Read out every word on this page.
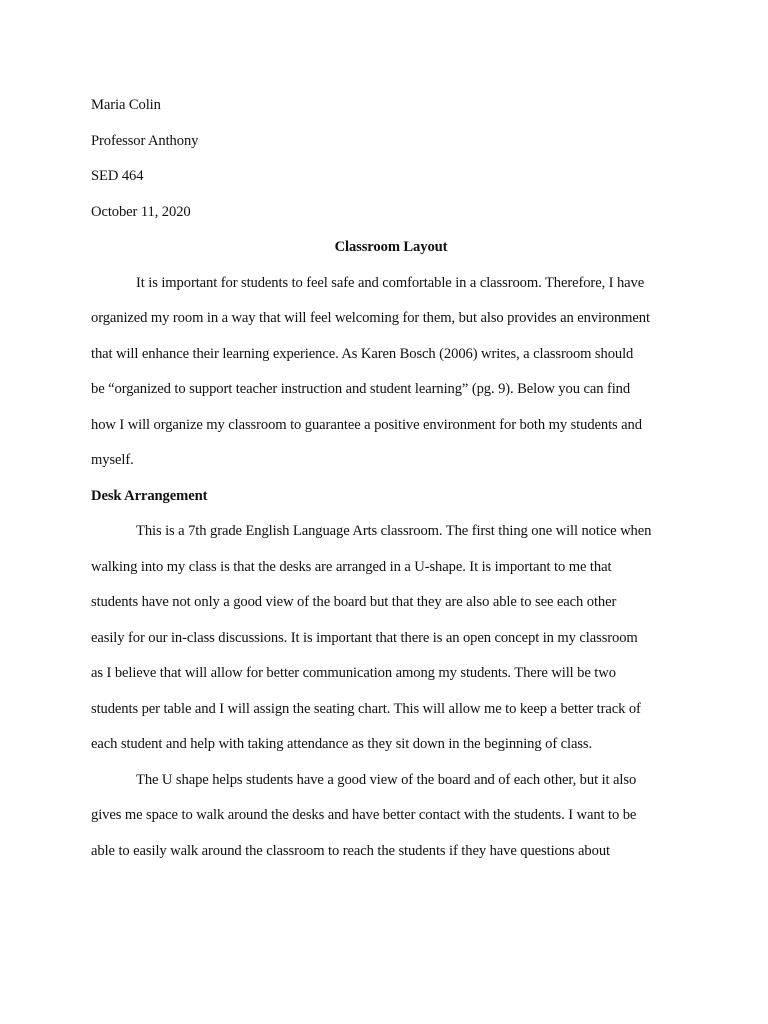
Maria Colin

Professor Anthony

SED 464

October 11, 2020

Classroom Layout

It is important for students to feel safe and comfortable in a classroom. Therefore, I have
organized my room in a way that will feel welcoming for them, but also provides an environment
that will enhance their learning experience. As Karen Bosch (2006) writes, a classroom should
be “organized to support teacher instruction and student learning” (pg. 9). Below you can find
how I will organize my classroom to guarantee a positive environment for both my students and
myself.

Desk Arrangement

This is a 7th grade English Language Arts classroom. The first thing one will notice when
walking into my class is that the desks are arranged in a U-shape. It is important to me that
students have not only a good view of the board but that they are also able to see each other
easily for our in-class discussions. It is important that there is an open concept in my classroom
as I believe that will allow for better communication among my students. There will be two
students per table and I will assign the seating chart. This will allow me to keep a better track of
each student and help with taking attendance as they sit down in the beginning of class.

The U shape helps students have a good view of the board and of each other, but it also
gives me space to walk around the desks and have better contact with the students. I want to be
able to easily walk around the classroom to reach the students if they have questions about
